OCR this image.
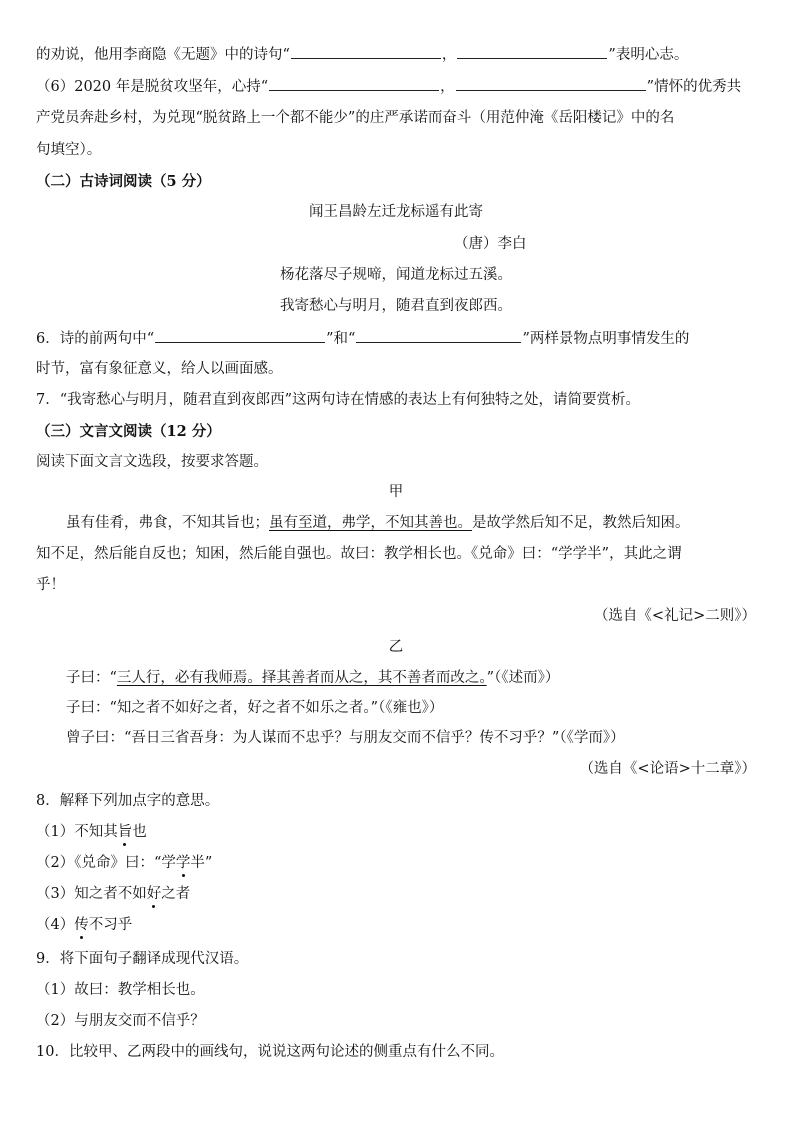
的劝说，他用李商隐《无题》中的诗句“	，	”表明心志。
（6）2020 年是脱贫攻坚年，心持“	，	”情怀的优秀共
产党员奔赴乡村，为兑现“脱贫路上一个都不能少”的庄严承诺而奋斗（用范仲淹《岳阳楼记》中的名
句填空）。
（二）古诗词阅读（5 分）
闻王昌龄左迁龙标遥有此寄
（唐）李白
杨花落尽子规啼，闻道龙标过五溪。
我寄愁心与明月，随君直到夜郎西。
6．诗的前两句中“	”和“	”两样景物点明事情发生的
时节，富有象征意义，给人以画面感。
7．“我寄愁心与明月，随君直到夜郎西”这两句诗在情感的表达上有何独特之处，请简要赏析。
（三）文言文阅读（12 分）
阅读下面文言文选段，按要求答题。
甲
虽有佳肴，弗食，不知其旨也；虽有至道，弗学，不知其善也。是故学然后知不足，教然后知困。
知不足，然后能自反也；知困，然后能自强也。故曰：教学相长也。《兑命》曰：“学学半”，其此之谓
乎！
（选自《<礼记>二则》）
乙
子曰：“三人行，必有我师焉。择其善者而从之，其不善者而改之。”（《述而》）
子曰：“知之者不如好之者，好之者不如乐之者。”（《雍也》）
曾子曰：“吾日三省吾身：为人谋而不忠乎？与朋友交而不信乎？传不习乎？”（《学而》）
（选自《<论语>十二章》）
8．解释下列加点字的意思。
（1）不知其旨也
（2）《兑命》曰：“学学半”
（3）知之者不如好之者
（4）传不习乎
9．将下面句子翻译成现代汉语。
（1）故曰：教学相长也。
（2）与朋友交而不信乎？
10．比较甲、乙两段中的画线句，说说这两句论述的侧重点有什么不同。
